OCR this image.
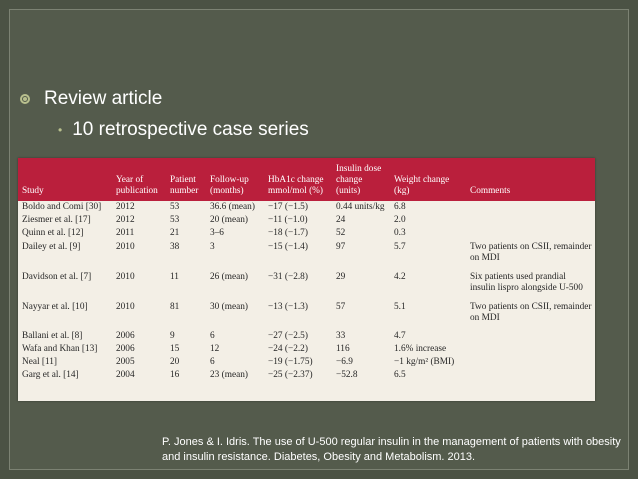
Review article
• 10 retrospective case series
Study	Year of publication	Patient number	Follow-up (months)	HbA1c change mmol/mol (%)	Insulin dose change (units)	Weight change (kg)	Comments
Boldo and Comi [30]	2012	53	36.6 (mean)	−17 (−1.5)	0.44 units/kg	6.8	
Ziesmer et al. [17]	2012	53	20 (mean)	−11 (−1.0)	24	2.0	
Quinn et al. [12]	2011	21	3–6	−18 (−1.7)	52	0.3	
Dailey et al. [9]	2010	38	3	−15 (−1.4)	97	5.7	Two patients on CSII, remainder on MDI
Davidson et al. [7]	2010	11	26 (mean)	−31 (−2.8)	29	4.2	Six patients used prandial insulin lispro alongside U-500
Nayyar et al. [10]	2010	81	30 (mean)	−13 (−1.3)	57	5.1	Two patients on CSII, remainder on MDI
Ballani et al. [8]	2006	9	6	−27 (−2.5)	33	4.7	
Wafa and Khan [13]	2006	15	12	−24 (−2.2)	116	1.6% increase	
Neal [11]	2005	20	6	−19 (−1.75)	−6.9	−1 kg/m² (BMI)	
Garg et al. [14]	2004	16	23 (mean)	−25 (−2.37)	−52.8	6.5	
P. Jones & I. Idris. The use of U-500 regular insulin in the management of patients with obesity and insulin resistance. Diabetes, Obesity and Metabolism. 2013.
